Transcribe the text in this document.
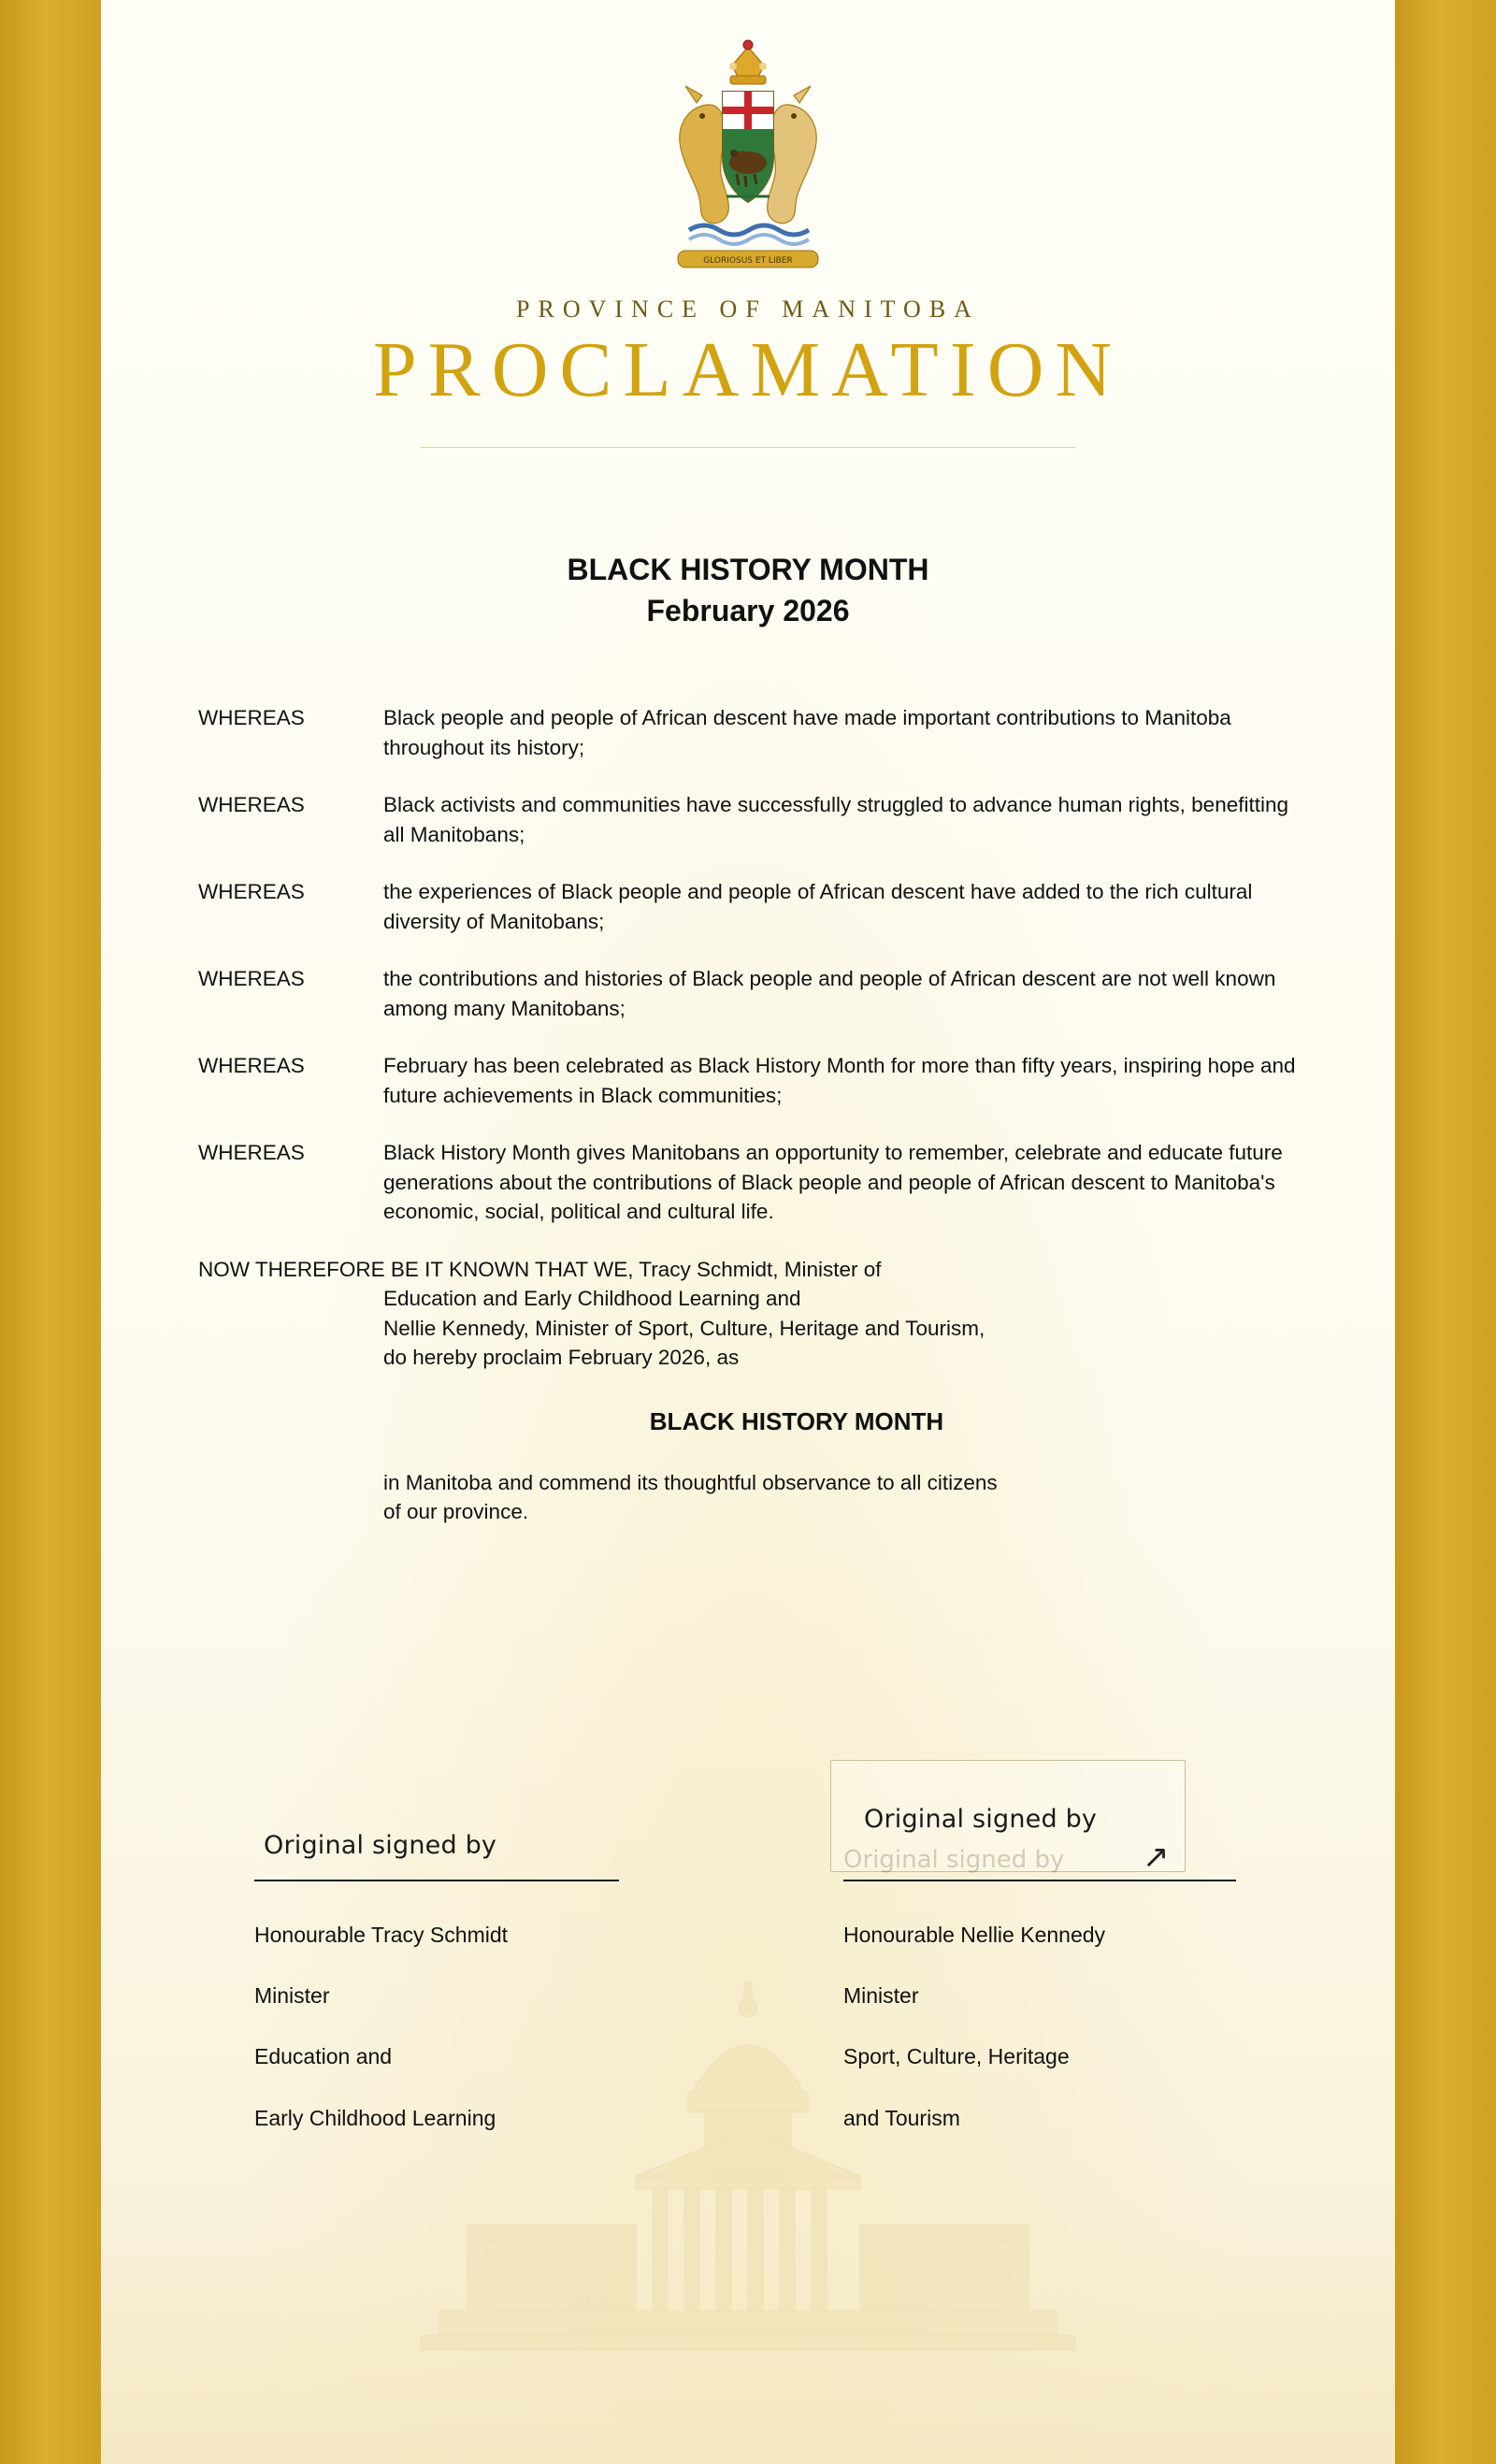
GLORIOSUS ET LIBER
PROVINCE OF MANITOBA
PROCLAMATION
BLACK HISTORY MONTH
February 2026
WHEREAS	Black people and people of African descent have made important contributions to Manitoba throughout its history;
WHEREAS	Black activists and communities have successfully struggled to advance human rights, benefitting all Manitobans;
WHEREAS	the experiences of Black people and people of African descent have added to the rich cultural diversity of Manitobans;
WHEREAS	the contributions and histories of Black people and people of African descent are not well known among many Manitobans;
WHEREAS	February has been celebrated as Black History Month for more than fifty years, inspiring hope and future achievements in Black communities;
WHEREAS	Black History Month gives Manitobans an opportunity to remember, celebrate and educate future generations about the contributions of Black people and people of African descent to Manitoba's economic, social, political and cultural life.
NOW THEREFORE BE IT KNOWN THAT WE, Tracy Schmidt, Minister of
Education and Early Childhood Learning and
Nellie Kennedy, Minister of Sport, Culture, Heritage and Tourism,
do hereby proclaim February 2026, as
BLACK HISTORY MONTH
in Manitoba and commend its thoughtful observance to all citizens
of our province.
Original signed by

Honourable Tracy Schmidt

Minister

Education and

Early Childhood Learning

Original signed by

Honourable Nellie Kennedy

Minister

Sport, Culture, Heritage

and Tourism

Original signed by	↗
